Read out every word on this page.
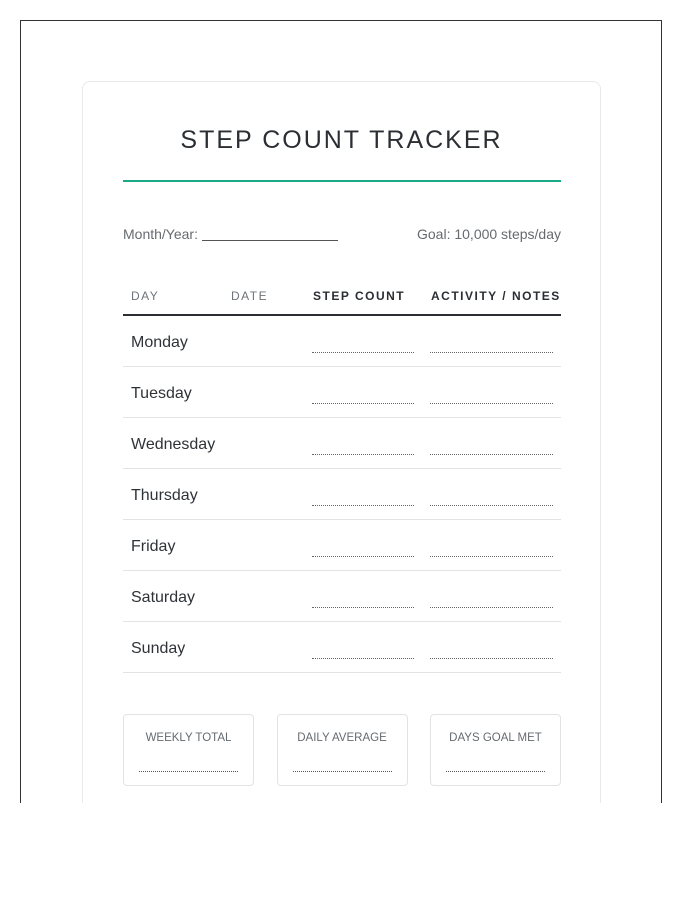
STEP COUNT TRACKER
Month/Year:	Goal: 10,000 steps/day
DAY	DATE	STEP COUNT	ACTIVITY / NOTES
Monday
Tuesday
Wednesday
Thursday
Friday
Saturday
Sunday
WEEKLY TOTAL	DAILY AVERAGE	DAYS GOAL MET
